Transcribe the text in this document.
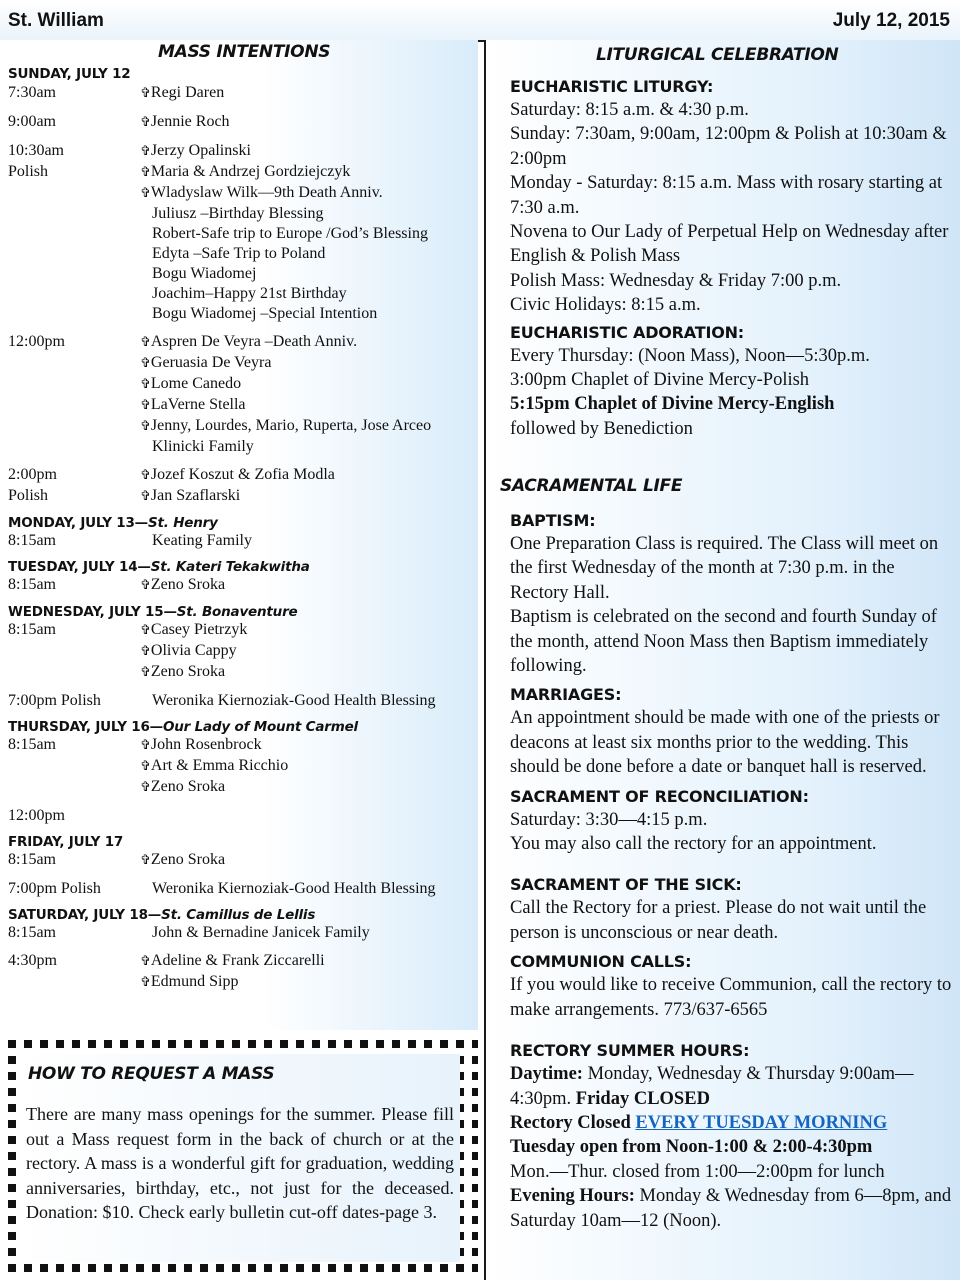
St. William	July 12, 2015
MASS INTENTIONS
SUNDAY, JULY 12
7:30am	✞Regi Daren
9:00am	✞Jennie Roch
10:30am	✞Jerzy Opalinski
Polish	✞Maria & Andrzej Gordziejczyk
✞Wladyslaw Wilk—9th Death Anniv.
Juliusz –Birthday Blessing
Robert-Safe trip to Europe /God’s Blessing
Edyta –Safe Trip to Poland
Bogu Wiadomej
Joachim–Happy 21st Birthday
Bogu Wiadomej –Special Intention
12:00pm	✞Aspren De Veyra –Death Anniv.
✞Geruasia De Veyra
✞Lome Canedo
✞LaVerne Stella
✞Jenny, Lourdes, Mario, Ruperta, Jose Arceo
Klinicki Family
2:00pm	✞Jozef Koszut & Zofia Modla
Polish	✞Jan Szaflarski
MONDAY, JULY 13—St. Henry
8:15am	Keating Family
TUESDAY, JULY 14—St. Kateri Tekakwitha
8:15am	✞Zeno Sroka
WEDNESDAY, JULY 15—St. Bonaventure
8:15am	✞Casey Pietrzyk
✞Olivia Cappy
✞Zeno Sroka
7:00pm Polish	Weronika Kiernoziak-Good Health Blessing
THURSDAY, JULY 16—Our Lady of Mount Carmel
8:15am	✞John Rosenbrock
✞Art & Emma Ricchio
✞Zeno Sroka
12:00pm
FRIDAY, JULY 17
8:15am	✞Zeno Sroka
7:00pm Polish	Weronika Kiernoziak-Good Health Blessing
SATURDAY, JULY 18—St. Camillus de Lellis
8:15am	John & Bernadine Janicek Family
4:30pm	✞Adeline & Frank Ziccarelli
✞Edmund Sipp
HOW TO REQUEST A MASS

There are many mass openings for the summer. Please fill out a Mass request form in the back of church or at the rectory. A mass is a wonderful gift for graduation, wedding anniversaries, birthday, etc., not just for the deceased. Donation: $10. Check early bulletin cut-off dates-page 3.

LITURGICAL CELEBRATION

EUCHARISTIC LITURGY:

Saturday: 8:15 a.m. & 4:30 p.m.

Sunday: 7:30am, 9:00am, 12:00pm & Polish at 10:30am & 2:00pm

Monday - Saturday: 8:15 a.m. Mass with rosary starting at 7:30 a.m.

Novena to Our Lady of Perpetual Help on Wednesday after English & Polish Mass

Polish Mass: Wednesday & Friday 7:00 p.m.

Civic Holidays: 8:15 a.m.

EUCHARISTIC ADORATION:

Every Thursday: (Noon Mass), Noon—5:30p.m.

3:00pm Chaplet of Divine Mercy-Polish

5:15pm Chaplet of Divine Mercy-English

followed by Benediction

SACRAMENTAL LIFE

BAPTISM:

One Preparation Class is required. The Class will meet on the first Wednesday of the month at 7:30 p.m. in the Rectory Hall.

Baptism is celebrated on the second and fourth Sunday of the month, attend Noon Mass then Baptism immediately following.

MARRIAGES:

An appointment should be made with one of the priests or deacons at least six months prior to the wedding. This should be done before a date or banquet hall is reserved.

SACRAMENT OF RECONCILIATION:

Saturday: 3:30—4:15 p.m.

You may also call the rectory for an appointment.

SACRAMENT OF THE SICK:

Call the Rectory for a priest. Please do not wait until the person is unconscious or near death.

COMMUNION CALLS:

If you would like to receive Communion, call the rectory to make arrangements. 773/637-6565

RECTORY SUMMER HOURS:

Daytime: Monday, Wednesday & Thursday 9:00am—4:30pm. Friday CLOSED

Rectory Closed EVERY TUESDAY MORNING

Tuesday open from Noon-1:00 & 2:00-4:30pm

Mon.—Thur. closed from 1:00—2:00pm for lunch

Evening Hours: Monday & Wednesday from 6—8pm, and Saturday 10am—12 (Noon).
